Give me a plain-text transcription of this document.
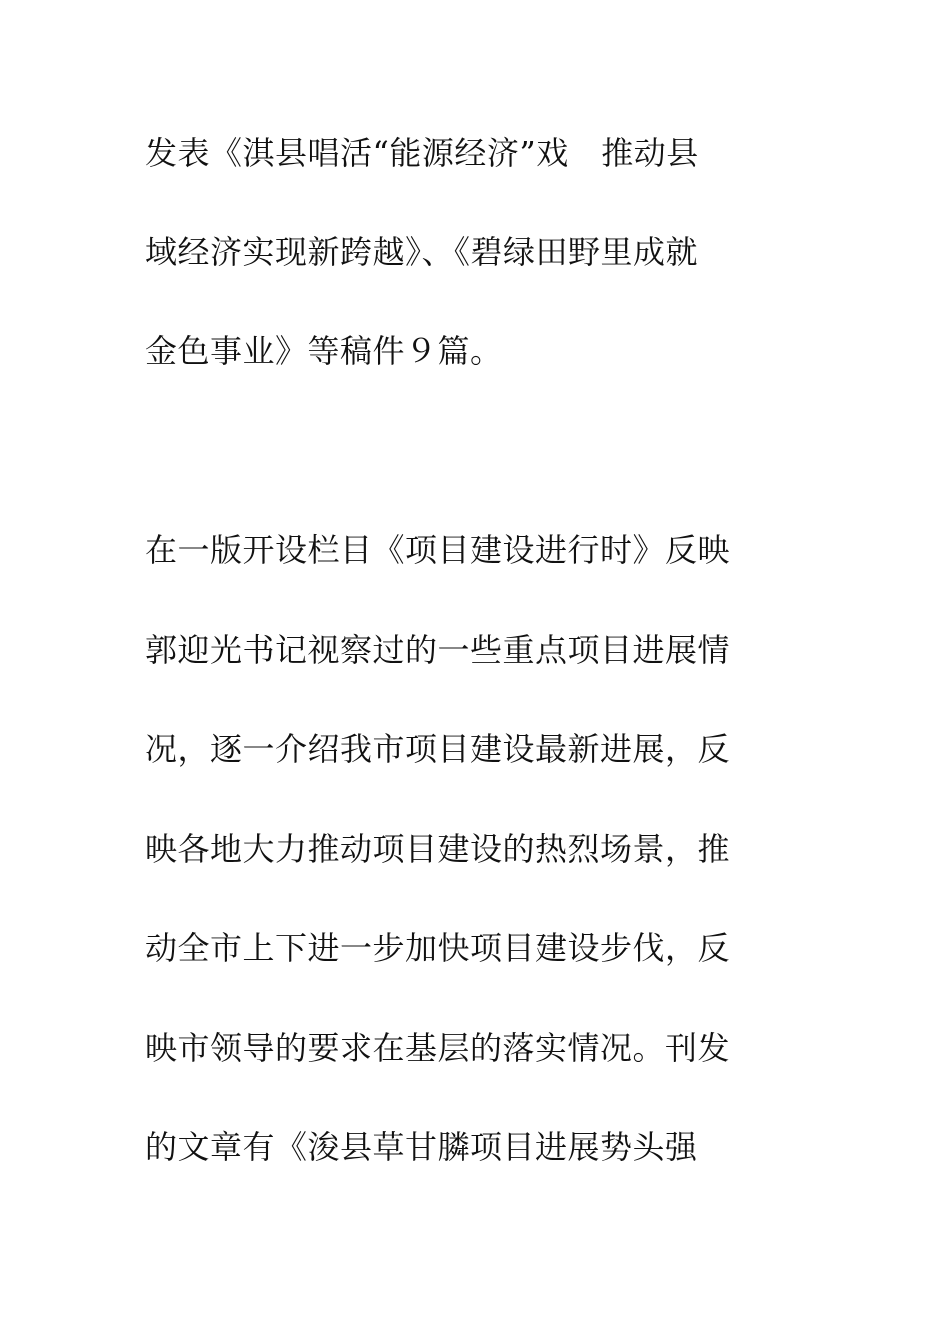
发表《淇县唱活“能源经济”戏　推动县
域经济实现新跨越》、《碧绿田野里成就
金色事业》等稿件９篇。
在一版开设栏目《项目建设进行时》反映
郭迎光书记视察过的一些重点项目进展情
况，逐一介绍我市项目建设最新进展，反
映各地大力推动项目建设的热烈场景，推
动全市上下进一步加快项目建设步伐，反
映市领导的要求在基层的落实情况。刊发
的文章有《浚县草甘膦项目进展势头强
